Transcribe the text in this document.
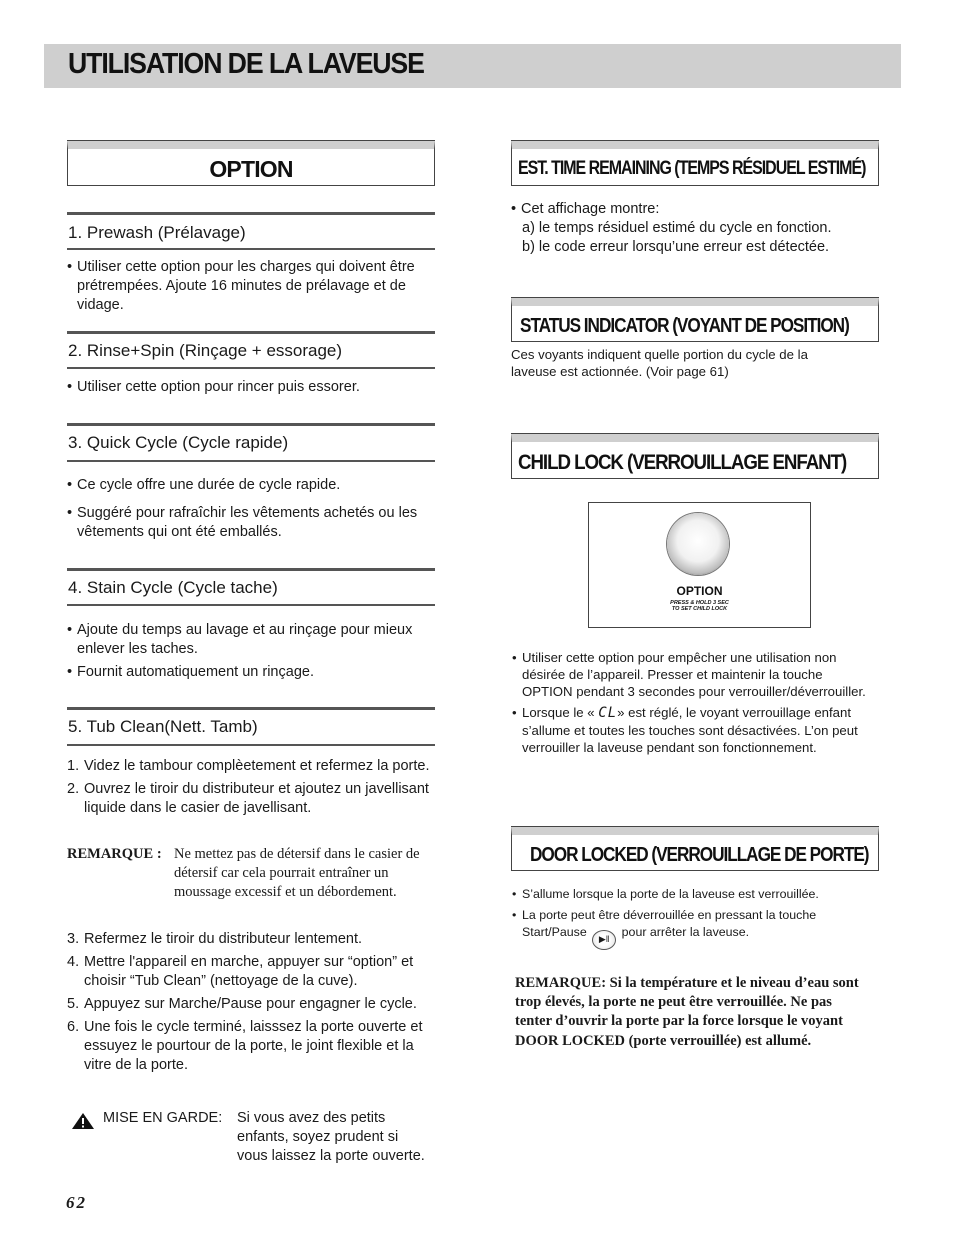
UTILISATION DE LA LAVEUSE
OPTION
1. Prewash (Prélavage)
• Utiliser cette option pour les charges qui doivent être prétrempées. Ajoute 16 minutes de prélavage et de vidage.
2. Rinse+Spin (Rinçage + essorage)
• Utiliser cette option pour rincer puis essorer.
3. Quick Cycle (Cycle rapide)
• Ce cycle offre une durée de cycle rapide.
• Suggéré pour rafraîchir les vêtements achetés ou les vêtements qui ont été emballés.
4. Stain Cycle (Cycle tache)
• Ajoute du temps au lavage et au rinçage pour mieux enlever les taches.
• Fournit automatiquement un rinçage.
5. Tub Clean(Nett. Tamb)
1. Videz le tambour complèetement et refermez la porte.
2. Ouvrez le tiroir du distributeur et ajoutez un javellisant liquide dans le casier de javellisant.
REMARQUE : Ne mettez pas de détersif dans le casier de détersif car cela pourrait entraîner un moussage excessif et un débordement.
3. Refermez le tiroir du distributeur lentement.
4. Mettre l'appareil en marche, appuyer sur “option” et choisir “Tub Clean” (nettoyage de la cuve).
5. Appuyez sur Marche/Pause pour engagner le cycle.
6. Une fois le cycle terminé, laisssez la porte ouverte et essuyez le pourtour de la porte, le joint flexible et la vitre de la porte.
MISE EN GARDE:	Si vous avez des petits enfants, soyez prudent si vous laissez la porte ouverte.
EST. TIME REMAINING (TEMPS RÉSIDUEL ESTIMÉ)
• Cet affichage montre:
a) le temps résiduel estimé du cycle en fonction.
b) le code erreur lorsqu’une erreur est détectée.
STATUS INDICATOR (VOYANT DE POSITION)
Ces voyants indiquent quelle portion du cycle de la laveuse est actionnée. (Voir page 61)
CHILD LOCK (VERROUILLAGE ENFANT)
OPTION
PRESS & HOLD 3 SEC
TO SET CHILD LOCK
• Utiliser cette option pour empêcher une utilisation non désirée de l’appareil. Presser et maintenir la touche OPTION pendant 3 secondes pour verrouiller/déverrouiller.
• Lorsque le « CL» est réglé, le voyant verrouillage enfant s’allume et toutes les touches sont désactivées. L’on peut verrouiller la laveuse pendant son fonctionnement.
DOOR LOCKED (VERROUILLAGE DE PORTE)
• S’allume lorsque la porte de la laveuse est verrouillée.
• La porte peut être déverrouillée en pressant la touche Start/Pause ▶‖ pour arrêter la laveuse.
REMARQUE: Si la température et le niveau d’eau sont trop élevés, la porte ne peut être verrouillée. Ne pas tenter d’ouvrir la porte par la force lorsque le voyant DOOR LOCKED (porte verrouillée) est allumé.
62
